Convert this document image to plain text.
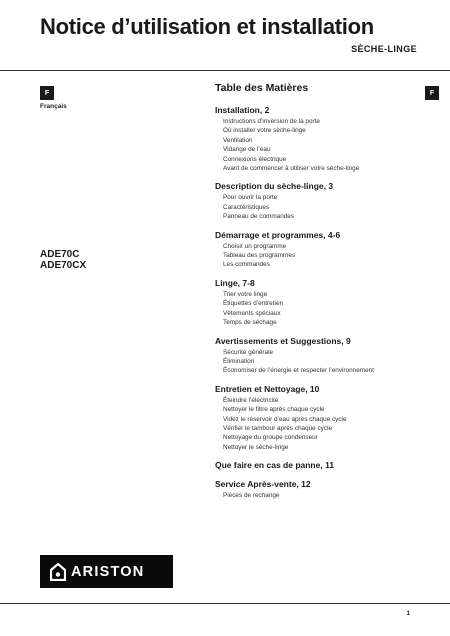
Notice d’utilisation et installation

SÈCHE-LINGE

F

Français

F
ADE70C
ADE70CX

Table des Matières

Installation, 2

Instructions d’inversion de la porte
Où installer votre sèche-linge
Ventilation
Vidange de l’eau
Connexions électrique
Avant de commencer à utiliser votre sèche-linge

Description du sèche-linge, 3

Pour ouvrir la porte
Caractéristiques
Panneau de commandes

Démarrage et programmes, 4-6

Choisir un programme
Tableau des programmes
Les commandes

Linge, 7-8

Trier votre linge
Étiquettes d’entretien
Vêtements spéciaux
Temps de séchage

Avertissements et Suggestions, 9

Sécurité générale
Élimination
Économiser de l’énergie et respecter l’environnement

Entretien et Nettoyage, 10

Éteindre l’électricité
Nettoyer le filtre après chaque cycle
Videz le réservoir d’eau après chaque cycle
Vérifier le tambour après chaque cycle
Nettoyage du groupe condenseur
Nettoyer le sèche-linge

Que faire en cas de panne, 11

Service Après-vente, 12

Pièces de rechange
ARISTON
1
